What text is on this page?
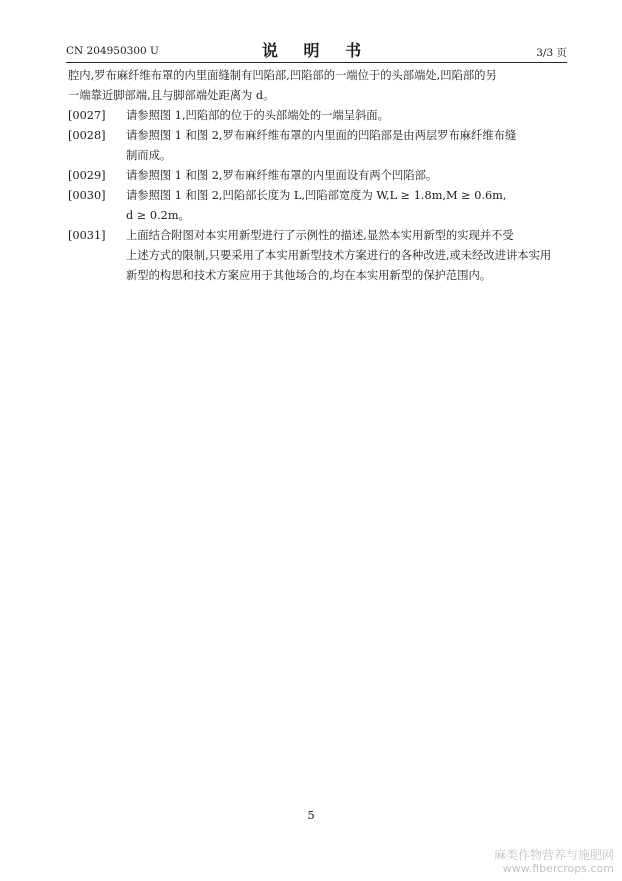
CN 204950300 U	说 明 书	3/3 页
腔内,罗布麻纤维布罩的内里面缝制有凹陷部,凹陷部的一端位于的头部端处,凹陷部的另
一端靠近脚部端,且与脚部端处距离为 d。
[0027]	请参照图 1,凹陷部的位于的头部端处的一端呈斜面。
[0028]	请参照图 1 和图 2,罗布麻纤维布罩的内里面的凹陷部是由两层罗布麻纤维布缝
制而成。
[0029]	请参照图 1 和图 2,罗布麻纤维布罩的内里面设有两个凹陷部。
[0030]	请参照图 1 和图 2,凹陷部长度为 L,凹陷部宽度为 W,L ≥ 1.8m,M ≥ 0.6m,
d ≥ 0.2m。
[0031]	上面结合附图对本实用新型进行了示例性的描述,显然本实用新型的实现并不受
上述方式的限制,只要采用了本实用新型技术方案进行的各种改进,或未经改进讲本实用
新型的构思和技术方案应用于其他场合的,均在本实用新型的保护范围内。
5
麻类作物营养与施肥网
www.fibercrops.com
